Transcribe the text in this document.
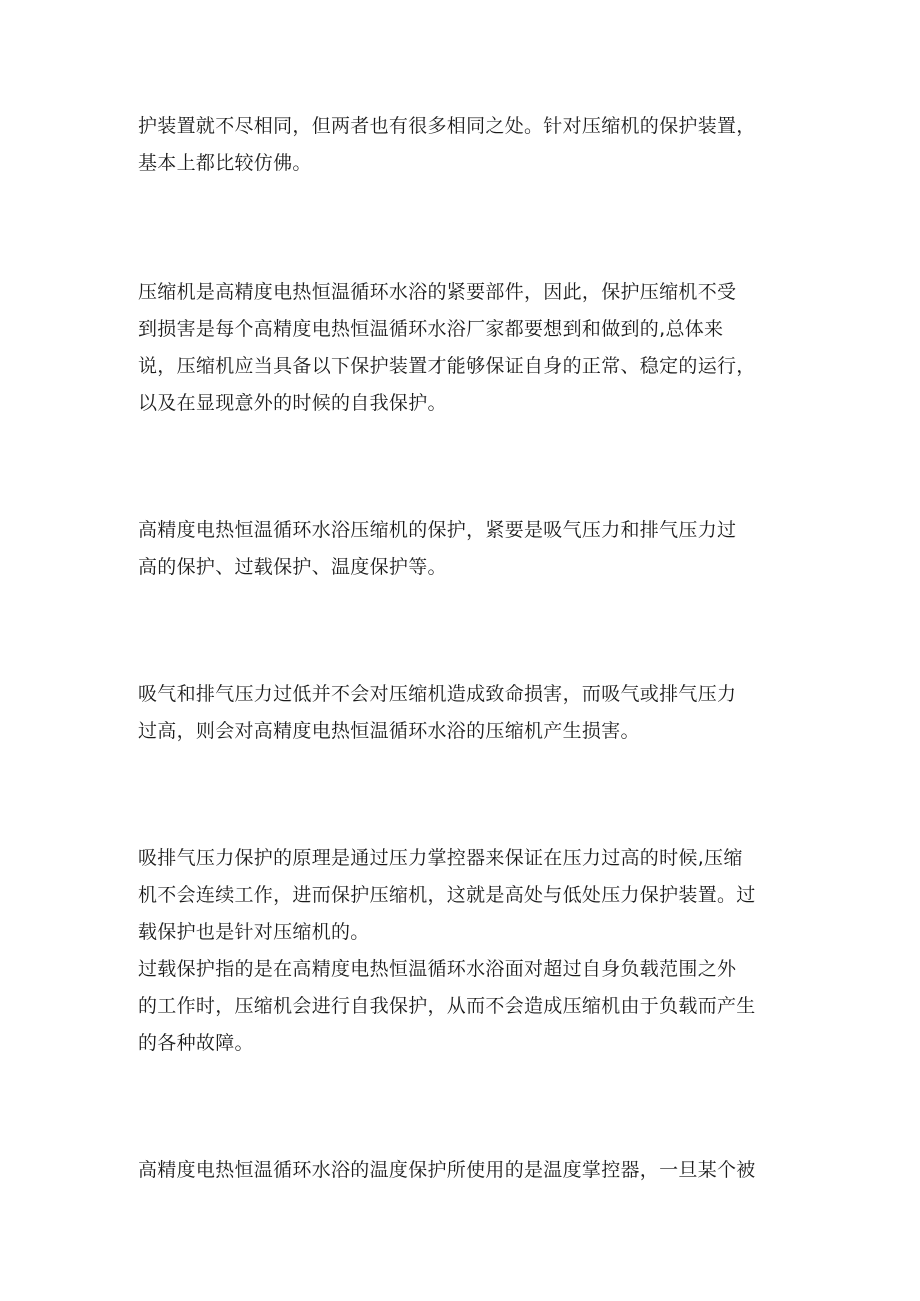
护装置就不尽相同，但两者也有很多相同之处。针对压缩机的保护装置，

基本上都比较仿佛。

压缩机是高精度电热恒温循环水浴的紧要部件，因此，保护压缩机不受

到损害是每个高精度电热恒温循环水浴厂家都要想到和做到的,总体来

说，压缩机应当具备以下保护装置才能够保证自身的正常、稳定的运行，

以及在显现意外的时候的自我保护。

高精度电热恒温循环水浴压缩机的保护，紧要是吸气压力和排气压力过

高的保护、过载保护、温度保护等。

吸气和排气压力过低并不会对压缩机造成致命损害，而吸气或排气压力

过高，则会对高精度电热恒温循环水浴的压缩机产生损害。

吸排气压力保护的原理是通过压力掌控器来保证在压力过高的时候,压缩

机不会连续工作，进而保护压缩机，这就是高处与低处压力保护装置。过

载保护也是针对压缩机的。

过载保护指的是在高精度电热恒温循环水浴面对超过自身负载范围之外

的工作时，压缩机会进行自我保护，从而不会造成压缩机由于负载而产生

的各种故障。

高精度电热恒温循环水浴的温度保护所使用的是温度掌控器，一旦某个被
